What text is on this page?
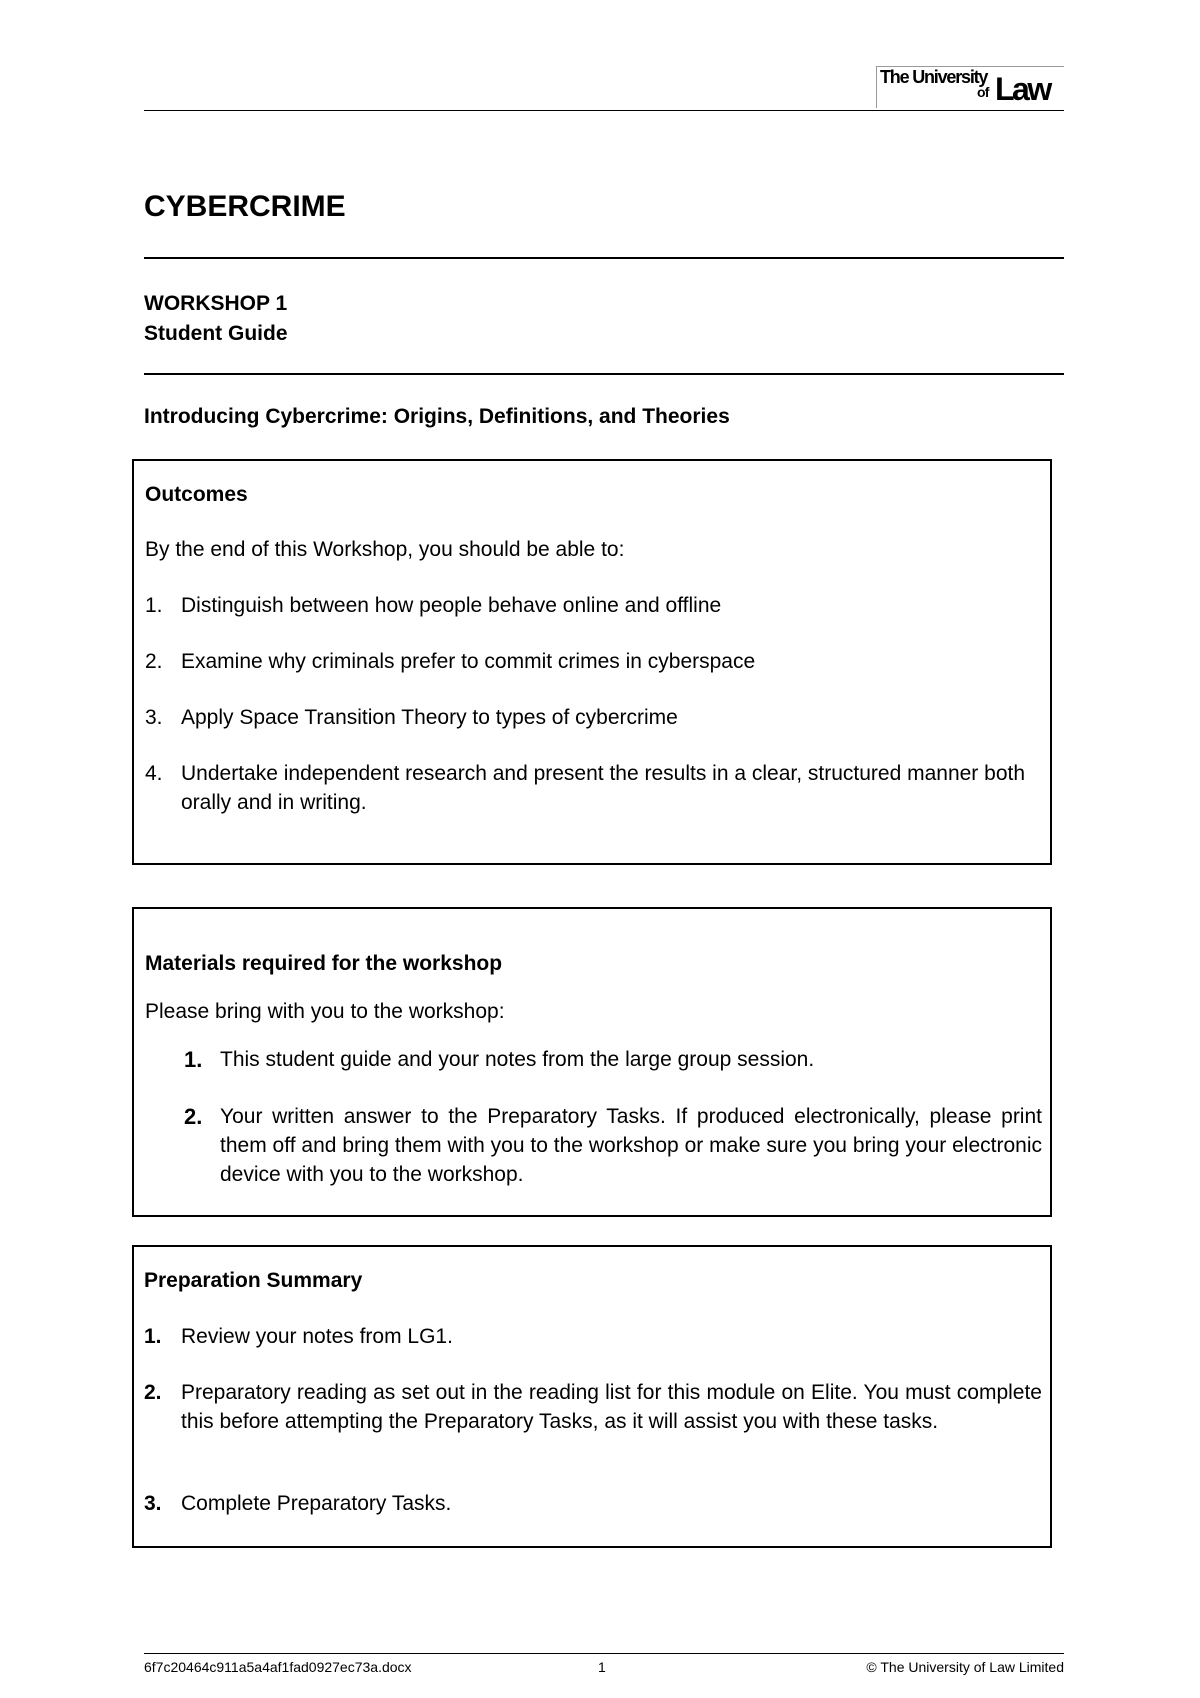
The University
of Law
CYBERCRIME
WORKSHOP 1
Student Guide
Introducing Cybercrime: Origins, Definitions, and Theories
Outcomes
By the end of this Workshop, you should be able to:
1. Distinguish between how people behave online and offline
2. Examine why criminals prefer to commit crimes in cyberspace
3. Apply Space Transition Theory to types of cybercrime
4. Undertake independent research and present the results in a clear, structured manner both orally and in writing.
Materials required for the workshop
Please bring with you to the workshop:
1. This student guide and your notes from the large group session.
2. Your written answer to the Preparatory Tasks. If produced electronically, please print them off and bring them with you to the workshop or make sure you bring your electronic device with you to the workshop.
Preparation Summary
1. Review your notes from LG1.
2. Preparatory reading as set out in the reading list for this module on Elite. You must complete this before attempting the Preparatory Tasks, as it will assist you with these tasks.
3. Complete Preparatory Tasks.
6f7c20464c911a5a4af1fad0927ec73a.docx	1	© The University of Law Limited
